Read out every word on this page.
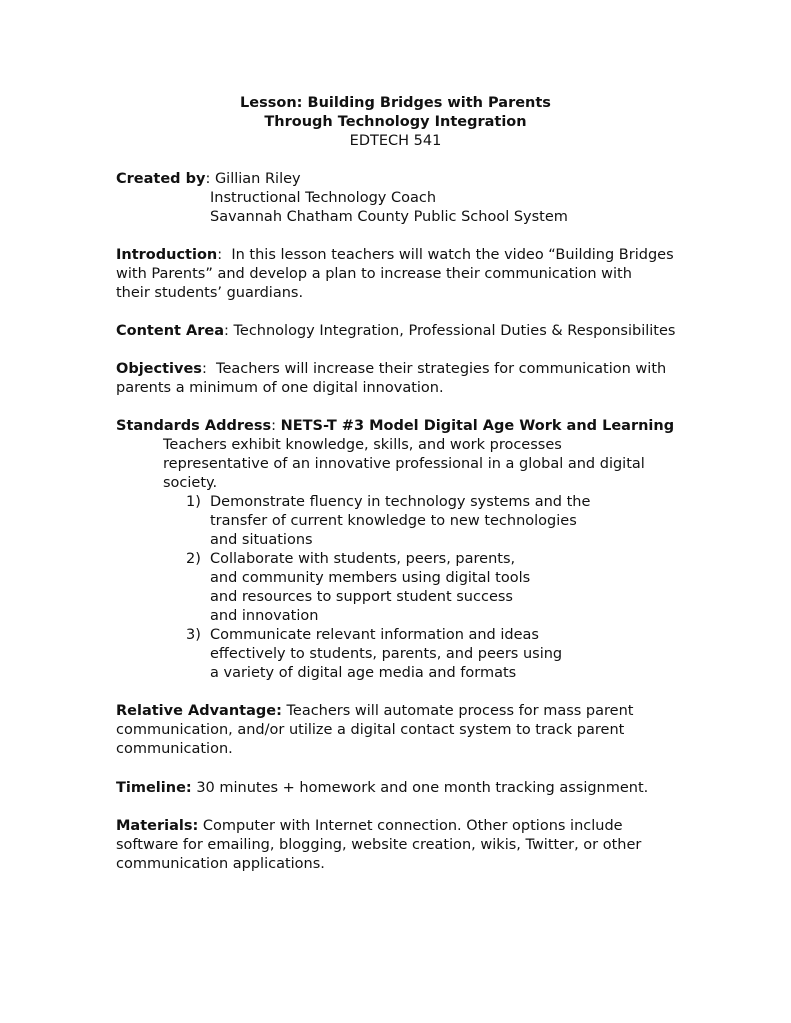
Lesson: Building Bridges with Parents
Through Technology Integration
EDTECH 541
Created by: Gillian Riley
Instructional Technology Coach
Savannah Chatham County Public School System
Introduction:  In this lesson teachers will watch the video “Building Bridges
with Parents” and develop a plan to increase their communication with
their students’ guardians.
Content Area: Technology Integration, Professional Duties & Responsibilites
Objectives:  Teachers will increase their strategies for communication with
parents a minimum of one digital innovation.
Standards Address: NETS-T #3 Model Digital Age Work and Learning
Teachers exhibit knowledge, skills, and work processes
representative of an innovative professional in a global and digital
society.
1) Demonstrate fluency in technology systems and the
transfer of current knowledge to new technologies
and situations
2) Collaborate with students, peers, parents,
and community members using digital tools
and resources to support student success
and innovation
3) Communicate relevant information and ideas
effectively to students, parents, and peers using
a variety of digital age media and formats
Relative Advantage: Teachers will automate process for mass parent
communication, and/or utilize a digital contact system to track parent
communication.
Timeline: 30 minutes + homework and one month tracking assignment.
Materials: Computer with Internet connection. Other options include
software for emailing, blogging, website creation, wikis, Twitter, or other
communication applications.
